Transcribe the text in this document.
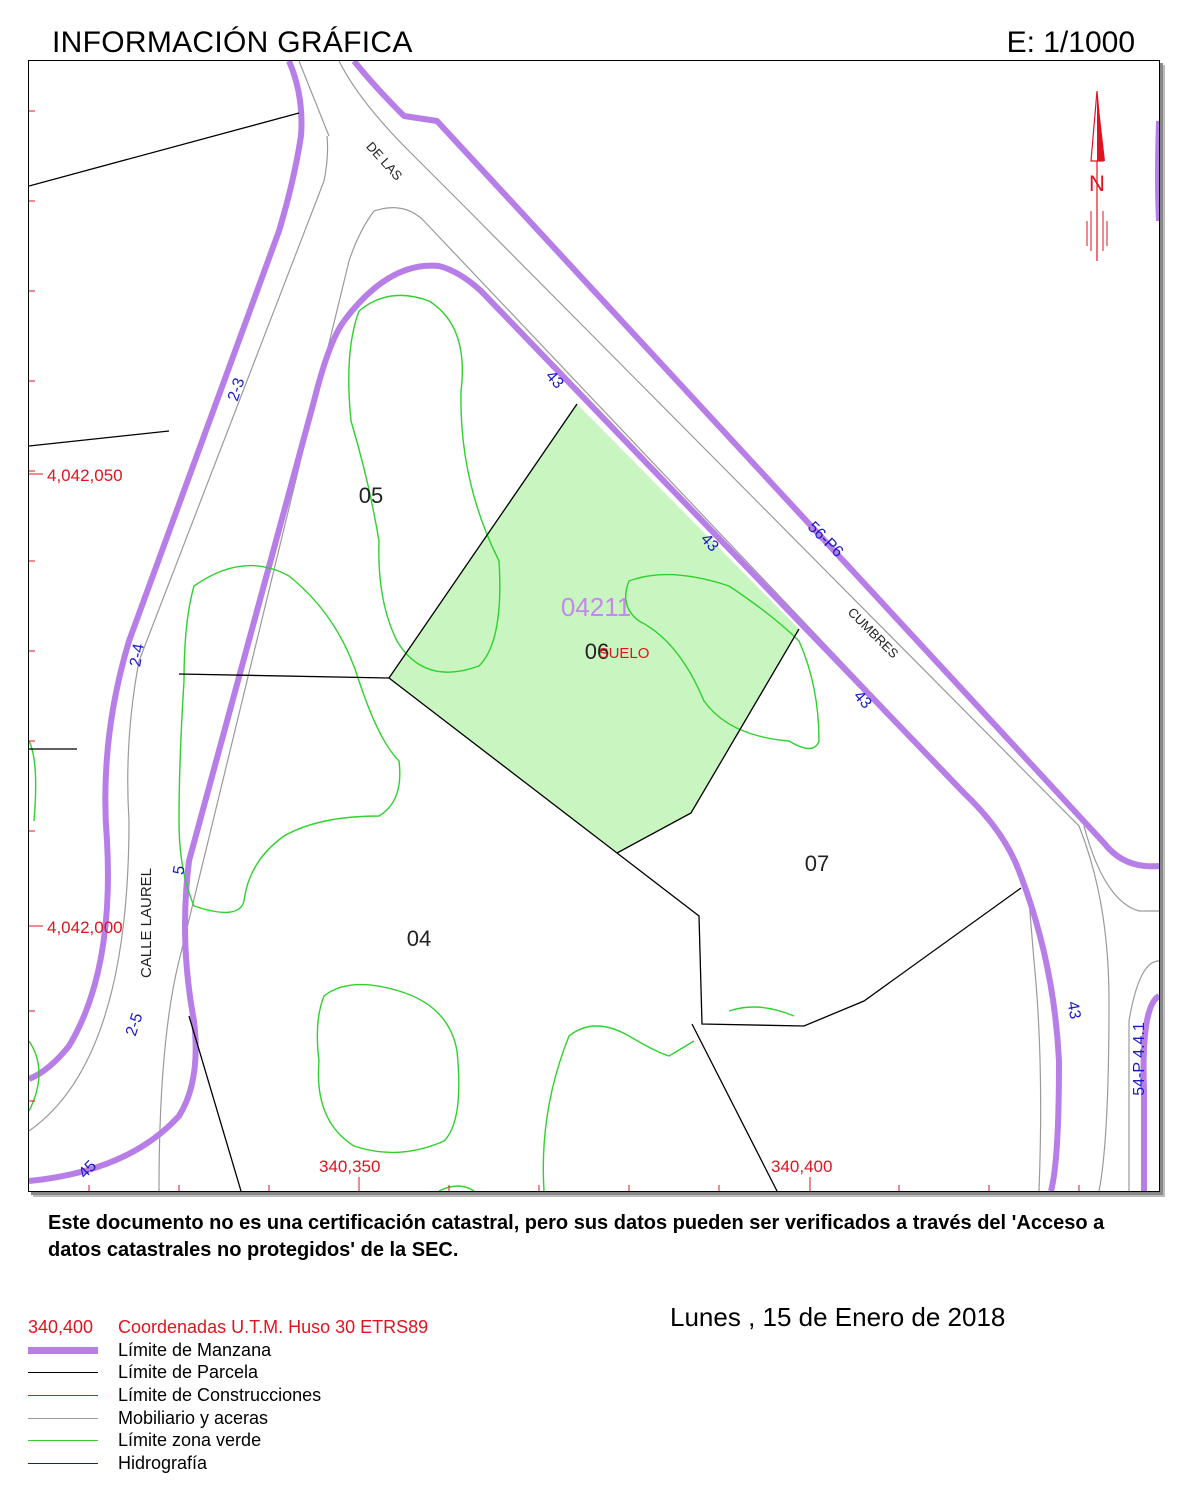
INFORMACIÓN GRÁFICA	E: 1/1000
N
04211
05
06
SUELO
07
04
DE LAS
CUMBRES
CALLE LAUREL
43
43
43
43
56-P6
2-3
2-4
2-5
45
54-P 4.4.1
5
4,042,050
4,042,000
340,350	340,400
Este documento no es una certificación catastral, pero sus datos pueden ser verificados a través del 'Acceso a datos catastrales no protegidos' de la SEC.
Lunes , 15 de Enero de 2018
340,400	Coordenadas U.T.M. Huso 30 ETRS89
Límite de Manzana
Límite de Parcela
Límite de Construcciones
Mobiliario y aceras
Límite zona verde
Hidrografía
